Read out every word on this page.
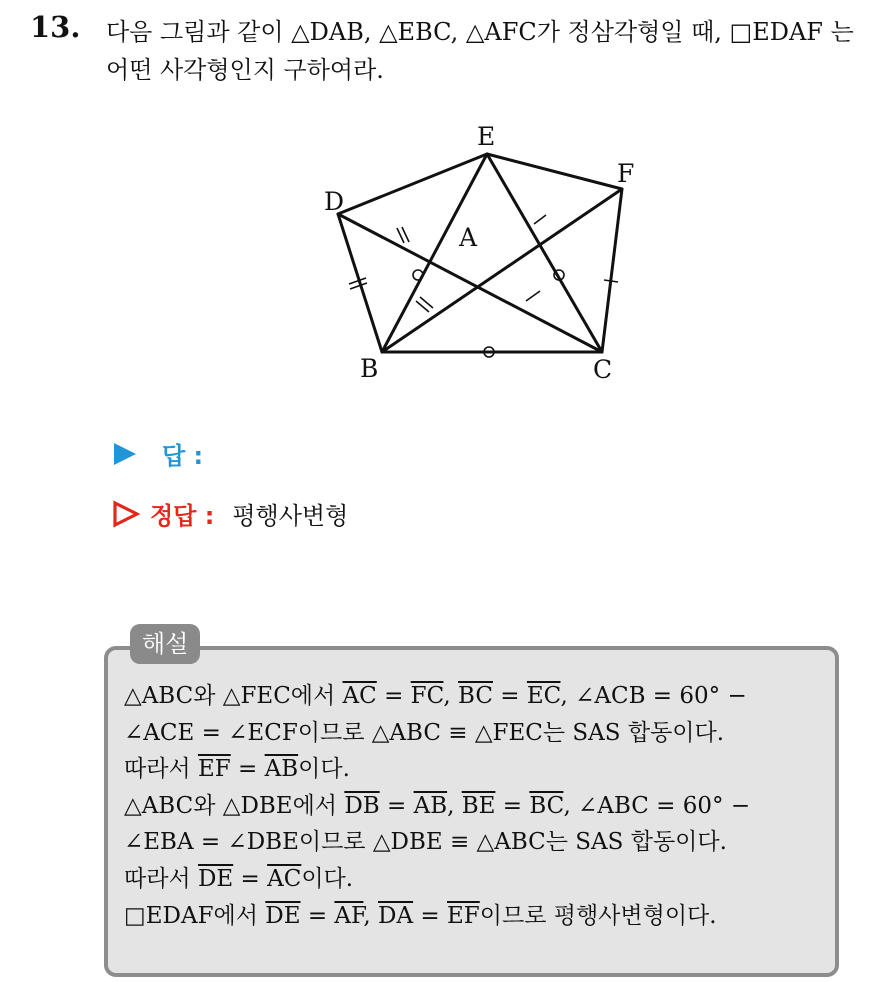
13. 다음 그림과 같이 △DAB, △EBC, △AFC가 정삼각형일 때, □EDAF 는 어떤 사각형인지 구하여라.
E
F
D
A
B	C
답 :
정답 : 평행사변형
해설
△ABC와 △FEC에서 $\overline{AC} = \overline{FC}$, $\overline{BC} = \overline{EC}$, ∠ACB = 60° −
∠ACE = ∠ECF이므로 △ABC ≡ △FEC는 SAS 합동이다.
따라서 $\overline{EF} = \overline{AB}$이다.
△ABC와 △DBE에서 $\overline{DB} = \overline{AB}$, $\overline{BE} = \overline{BC}$, ∠ABC = 60° −
∠EBA = ∠DBE이므로 △DBE ≡ △ABC는 SAS 합동이다.
따라서 $\overline{DE} = \overline{AC}$이다.
□EDAF에서 $\overline{DE} = \overline{AF}$, $\overline{DA} = \overline{EF}$이므로 평행사변형이다.
